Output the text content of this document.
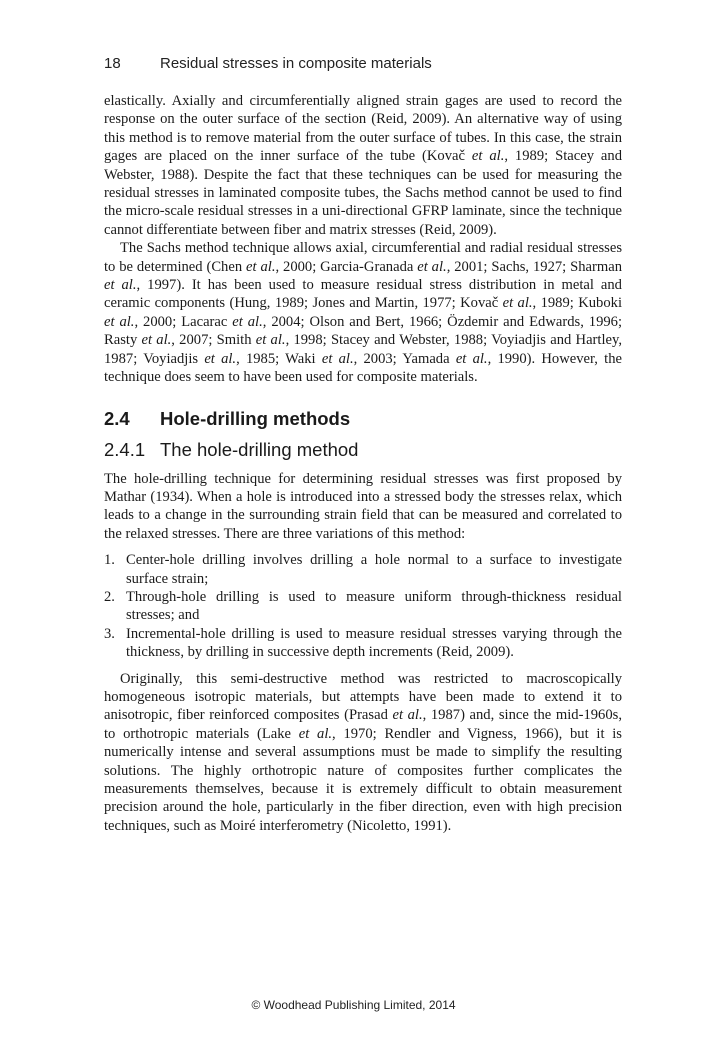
18	Residual stresses in composite materials

elastically. Axially and circumferentially aligned strain gages are used to record the response on the outer surface of the section (Reid, 2009). An alternative way of using this method is to remove material from the outer surface of tubes. In this case, the strain gages are placed on the inner surface of the tube (Kovač et al., 1989; Stacey and Webster, 1988). Despite the fact that these techniques can be used for measuring the residual stresses in laminated composite tubes, the Sachs method cannot be used to find the micro-scale residual stresses in a uni-directional GFRP laminate, since the technique cannot differentiate between fiber and matrix stresses (Reid, 2009).

The Sachs method technique allows axial, circumferential and radial residual stresses to be determined (Chen et al., 2000; Garcia-Granada et al., 2001; Sachs, 1927; Sharman et al., 1997). It has been used to measure residual stress distribution in metal and ceramic components (Hung, 1989; Jones and Martin, 1977; Kovač et al., 1989; Kuboki et al., 2000; Lacarac et al., 2004; Olson and Bert, 1966; Özdemir and Edwards, 1996; Rasty et al., 2007; Smith et al., 1998; Stacey and Webster, 1988; Voyiadjis and Hartley, 1987; Voyiadjis et al., 1985; Waki et al., 2003; Yamada et al., 1990). However, the technique does seem to have been used for composite materials.

2.4 Hole-drilling methods
2.4.1 The hole-drilling method

The hole-drilling technique for determining residual stresses was first proposed by Mathar (1934). When a hole is introduced into a stressed body the stresses relax, which leads to a change in the surrounding strain field that can be measured and correlated to the relaxed stresses. There are three variations of this method:

1. Center-hole drilling involves drilling a hole normal to a surface to investigate surface strain;
2. Through-hole drilling is used to measure uniform through-thickness residual stresses; and
3. Incremental-hole drilling is used to measure residual stresses varying through the thickness, by drilling in successive depth increments (Reid, 2009).

Originally, this semi-destructive method was restricted to macroscopically homogeneous isotropic materials, but attempts have been made to extend it to anisotropic, fiber reinforced composites (Prasad et al., 1987) and, since the mid-1960s, to orthotropic materials (Lake et al., 1970; Rendler and Vigness, 1966), but it is numerically intense and several assumptions must be made to simplify the resulting solutions. The highly orthotropic nature of composites further complicates the measurements themselves, because it is extremely difficult to obtain measurement precision around the hole, particularly in the fiber direction, even with high precision techniques, such as Moiré interferometry (Nicoletto, 1991).

© Woodhead Publishing Limited, 2014
